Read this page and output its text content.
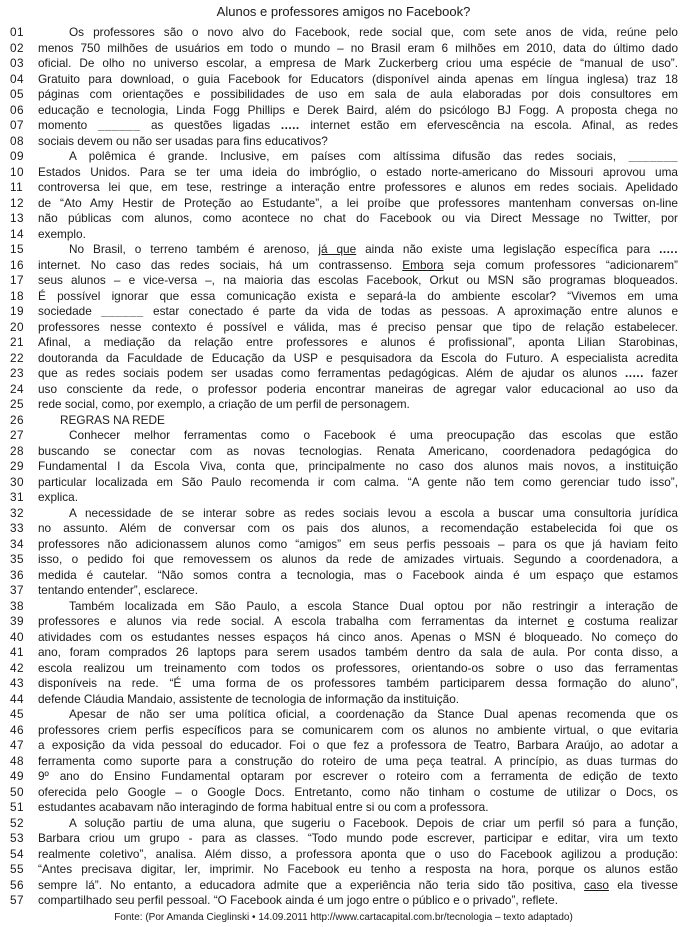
Alunos e professores amigos no Facebook?
01	Os professores são o novo alvo do Facebook, rede social que, com sete anos de vida, reúne pelo
02	menos 750 milhões de usuários em todo o mundo – no Brasil eram 6 milhões em 2010, data do último dado
03	oficial. De olho no universo escolar, a empresa de Mark Zuckerberg criou uma espécie de “manual de uso”.
04	Gratuito para download, o guia Facebook for Educators (disponível ainda apenas em língua inglesa) traz 18
05	páginas com orientações e possibilidades de uso em sala de aula elaboradas por dois consultores em
06	educação e tecnologia, Linda Fogg Phillips e Derek Baird, além do psicólogo BJ Fogg. A proposta chega no
07	momento ______ as questões ligadas ..... internet estão em efervescência na escola. Afinal, as redes
08	sociais devem ou não ser usadas para fins educativos?
09	A polêmica é grande. Inclusive, em países com altíssima difusão das redes sociais, _______
10	Estados Unidos. Para se ter uma ideia do imbróglio, o estado norte-americano do Missouri aprovou uma
11	controversa lei que, em tese, restringe a interação entre professores e alunos em redes sociais. Apelidado
12	de “Ato Amy Hestir de Proteção ao Estudante”, a lei proíbe que professores mantenham conversas on-line
13	não públicas com alunos, como acontece no chat do Facebook ou via Direct Message no Twitter, por
14	exemplo.
15	No Brasil, o terreno também é arenoso, já que ainda não existe uma legislação específica para .....
16	internet. No caso das redes sociais, há um contrassenso. Embora seja comum professores “adicionarem”
17	seus alunos – e vice-versa –, na maioria das escolas Facebook, Orkut ou MSN são programas bloqueados.
18	É possível ignorar que essa comunicação exista e separá-la do ambiente escolar? “Vivemos em uma
19	sociedade ______ estar conectado é parte da vida de todas as pessoas. A aproximação entre alunos e
20	professores nesse contexto é possível e válida, mas é preciso pensar que tipo de relação estabelecer.
21	Afinal, a mediação da relação entre professores e alunos é profissional”, aponta Lilian Starobinas,
22	doutoranda da Faculdade de Educação da USP e pesquisadora da Escola do Futuro. A especialista acredita
23	que as redes sociais podem ser usadas como ferramentas pedagógicas. Além de ajudar os alunos ..... fazer
24	uso consciente da rede, o professor poderia encontrar maneiras de agregar valor educacional ao uso da
25	rede social, como, por exemplo, a criação de um perfil de personagem.
26	REGRAS NA REDE
27	Conhecer melhor ferramentas como o Facebook é uma preocupação das escolas que estão
28	buscando se conectar com as novas tecnologias. Renata Americano, coordenadora pedagógica do
29	Fundamental I da Escola Viva, conta que, principalmente no caso dos alunos mais novos, a instituição
30	particular localizada em São Paulo recomenda ir com calma. “A gente não tem como gerenciar tudo isso”,
31	explica.
32	A necessidade de se interar sobre as redes sociais levou a escola a buscar uma consultoria jurídica
33	no assunto. Além de conversar com os pais dos alunos, a recomendação estabelecida foi que os
34	professores não adicionassem alunos como “amigos” em seus perfis pessoais – para os que já haviam feito
35	isso, o pedido foi que removessem os alunos da rede de amizades virtuais. Segundo a coordenadora, a
36	medida é cautelar. “Não somos contra a tecnologia, mas o Facebook ainda é um espaço que estamos
37	tentando entender”, esclarece.
38	Também localizada em São Paulo, a escola Stance Dual optou por não restringir a interação de
39	professores e alunos via rede social. A escola trabalha com ferramentas da internet e costuma realizar
40	atividades com os estudantes nesses espaços há cinco anos. Apenas o MSN é bloqueado. No começo do
41	ano, foram comprados 26 laptops para serem usados também dentro da sala de aula. Por conta disso, a
42	escola realizou um treinamento com todos os professores, orientando-os sobre o uso das ferramentas
43	disponíveis na rede. “É uma forma de os professores também participarem dessa formação do aluno”,
44	defende Cláudia Mandaio, assistente de tecnologia de informação da instituição.
45	Apesar de não ser uma política oficial, a coordenação da Stance Dual apenas recomenda que os
46	professores criem perfis específicos para se comunicarem com os alunos no ambiente virtual, o que evitaria
47	a exposição da vida pessoal do educador. Foi o que fez a professora de Teatro, Barbara Araújo, ao adotar a
48	ferramenta como suporte para a construção do roteiro de uma peça teatral. A princípio, as duas turmas do
49	9º ano do Ensino Fundamental optaram por escrever o roteiro com a ferramenta de edição de texto
50	oferecida pelo Google – o Google Docs. Entretanto, como não tinham o costume de utilizar o Docs, os
51	estudantes acabavam não interagindo de forma habitual entre si ou com a professora.
52	A solução partiu de uma aluna, que sugeriu o Facebook. Depois de criar um perfil só para a função,
53	Barbara criou um grupo - para as classes. “Todo mundo pode escrever, participar e editar, vira um texto
54	realmente coletivo”, analisa. Além disso, a professora aponta que o uso do Facebook agilizou a produção:
55	“Antes precisava digitar, ler, imprimir. No Facebook eu tenho a resposta na hora, porque os alunos estão
56	sempre lá”. No entanto, a educadora admite que a experiência não teria sido tão positiva, caso ela tivesse
57	compartilhado seu perfil pessoal. “O Facebook ainda é um jogo entre o público e o privado”, reflete.
Fonte: (Por Amanda Cieglinski • 14.09.2011 http://www.cartacapital.com.br/tecnologia – texto adaptado)
